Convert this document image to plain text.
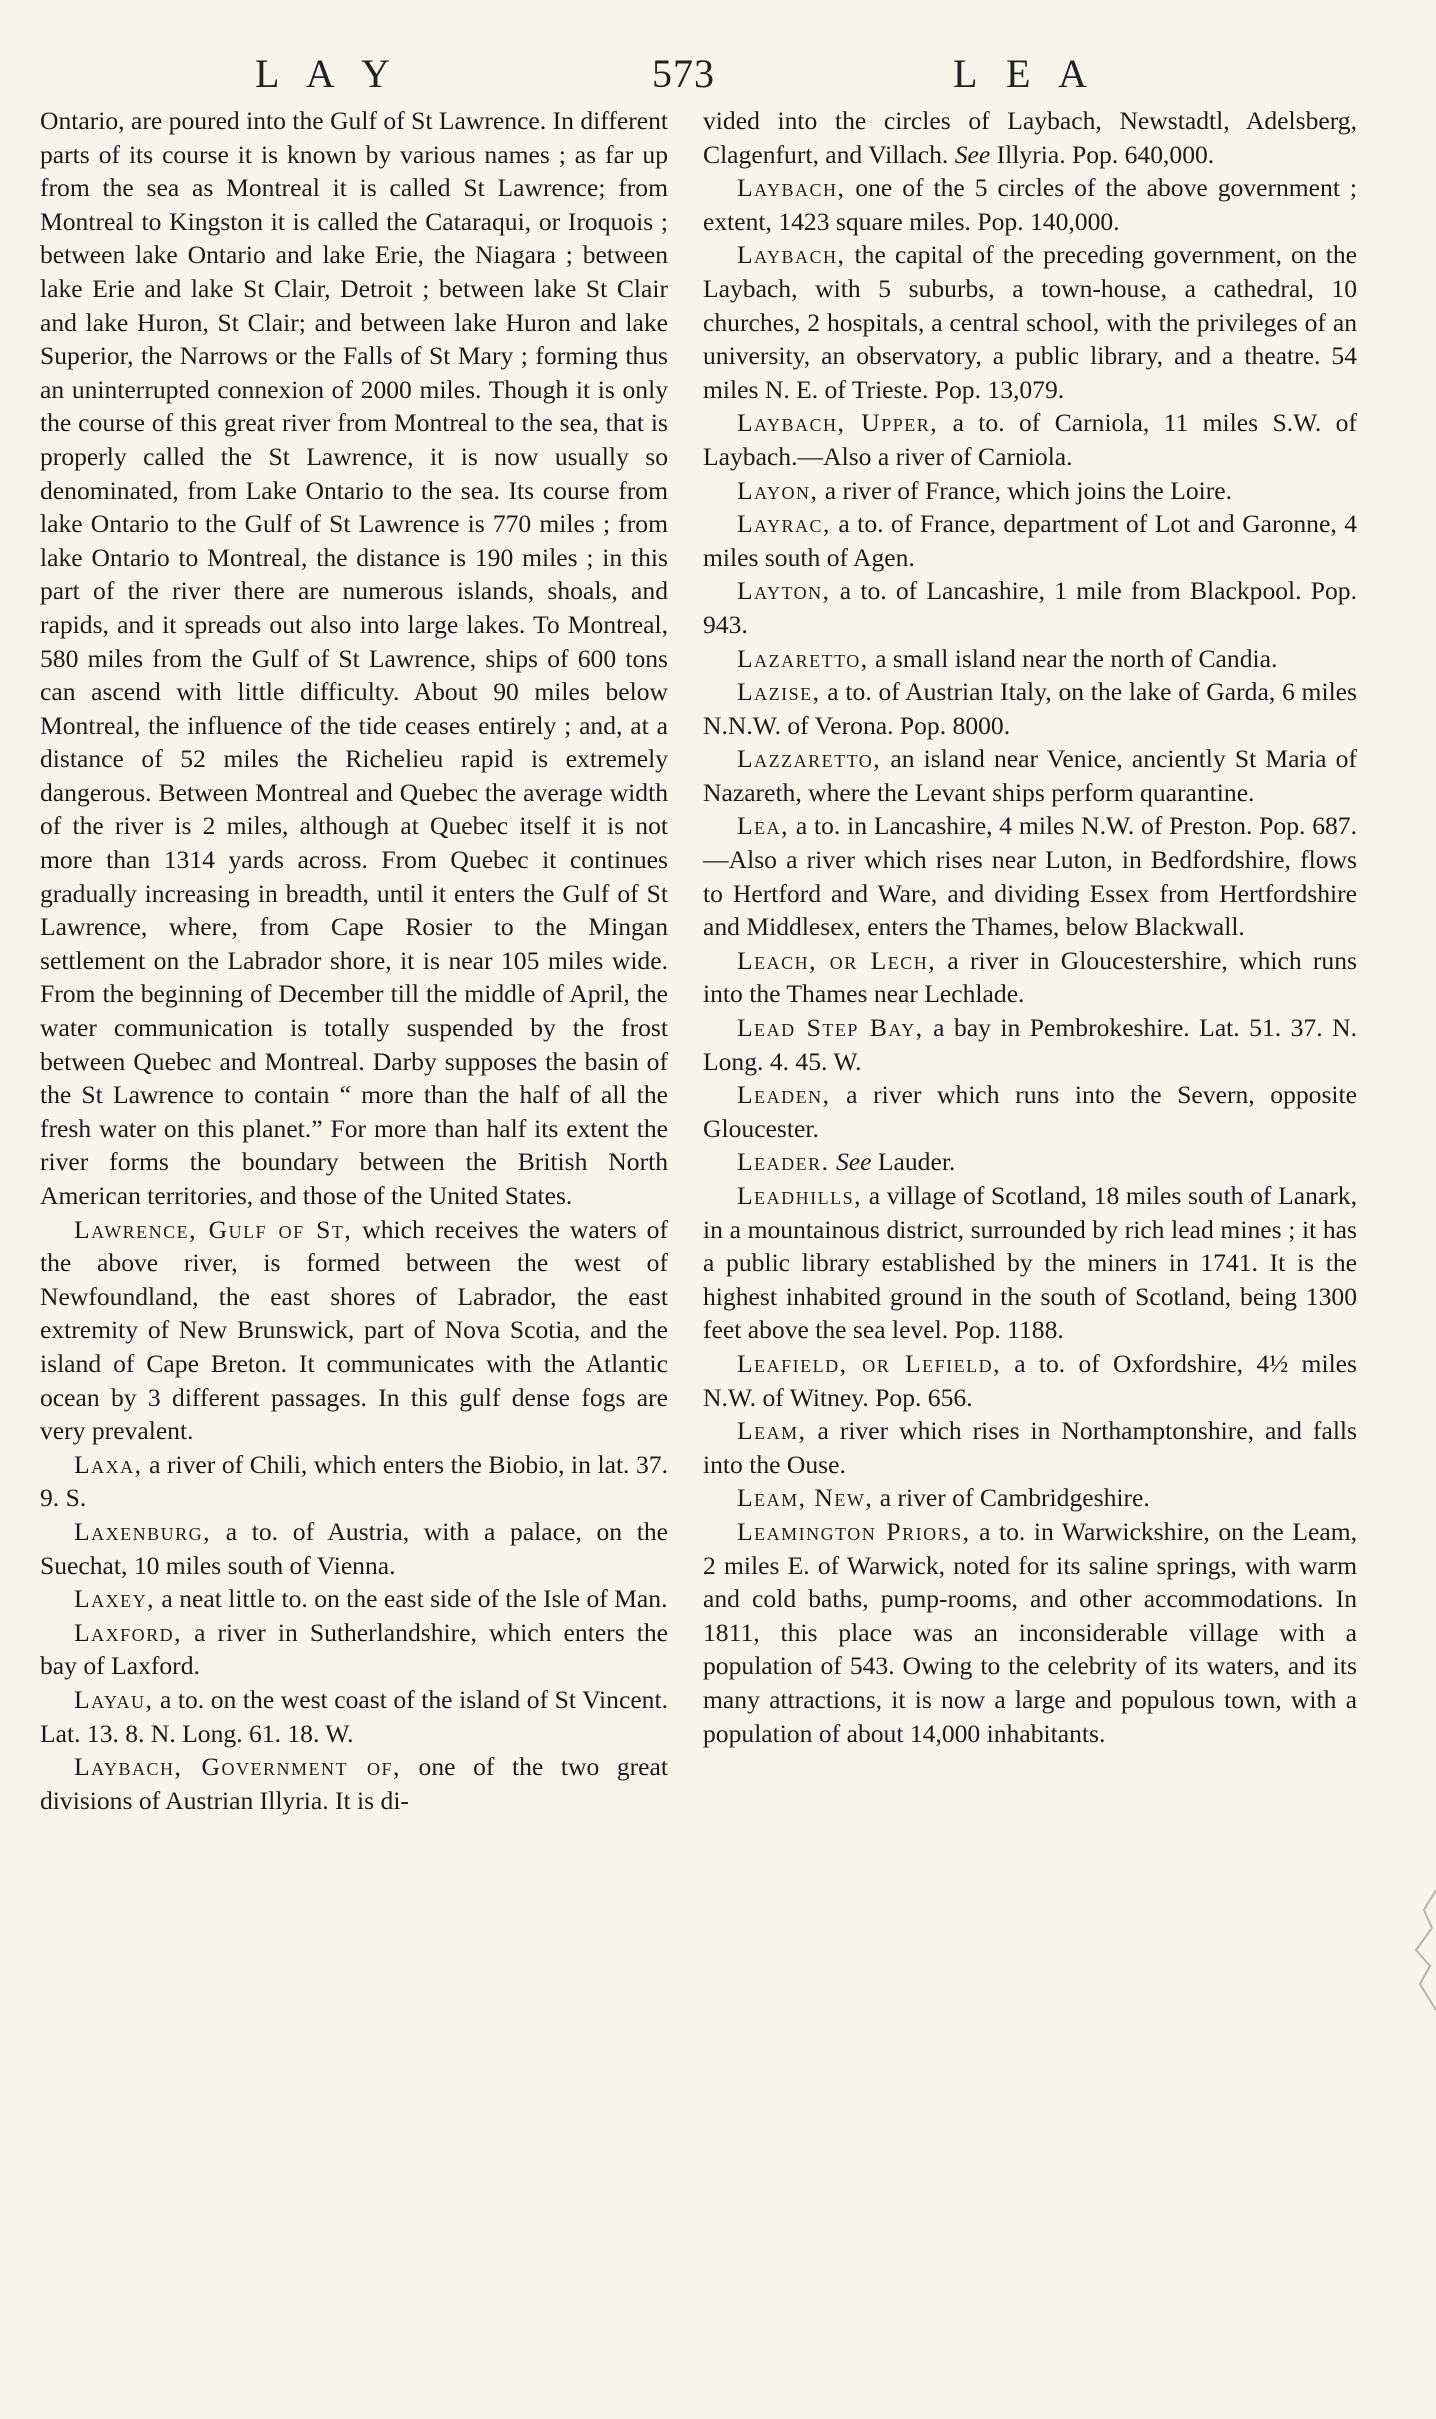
L A Y	573	L E A

Ontario, are poured into the Gulf of St Lawrence. In different parts of its course it is known by various names ; as far up from the sea as Montreal it is called St Lawrence; from Montreal to Kingston it is called the Cataraqui, or Iroquois ; between lake Ontario and lake Erie, the Niagara ; between lake Erie and lake St Clair, Detroit ; between lake St Clair and lake Huron, St Clair; and between lake Huron and lake Superior, the Narrows or the Falls of St Mary ; forming thus an uninterrupted connexion of 2000 miles. Though it is only the course of this great river from Montreal to the sea, that is properly called the St Lawrence, it is now usually so denominated, from Lake Ontario to the sea. Its course from lake Ontario to the Gulf of St Lawrence is 770 miles ; from lake Ontario to Montreal, the distance is 190 miles ; in this part of the river there are numerous islands, shoals, and rapids, and it spreads out also into large lakes. To Montreal, 580 miles from the Gulf of St Lawrence, ships of 600 tons can ascend with little difficulty. About 90 miles below Montreal, the influence of the tide ceases entirely ; and, at a distance of 52 miles the Richelieu rapid is extremely dangerous. Between Montreal and Quebec the average width of the river is 2 miles, although at Quebec itself it is not more than 1314 yards across. From Quebec it continues gradually increasing in breadth, until it enters the Gulf of St Lawrence, where, from Cape Rosier to the Mingan settlement on the Labrador shore, it is near 105 miles wide. From the beginning of December till the middle of April, the water communication is totally suspended by the frost between Quebec and Montreal. Darby supposes the basin of the St Lawrence to contain “ more than the half of all the fresh water on this planet.” For more than half its extent the river forms the boundary between the British North American territories, and those of the United States.

Lawrence, Gulf of St, which receives the waters of the above river, is formed between the west of Newfoundland, the east shores of Labrador, the east extremity of New Brunswick, part of Nova Scotia, and the island of Cape Breton. It communicates with the Atlantic ocean by 3 different passages. In this gulf dense fogs are very prevalent.

Laxa, a river of Chili, which enters the Biobio, in lat. 37. 9. S.

Laxenburg, a to. of Austria, with a palace, on the Suechat, 10 miles south of Vienna.

Laxey, a neat little to. on the east side of the Isle of Man.

Laxford, a river in Sutherlandshire, which enters the bay of Laxford.

Layau, a to. on the west coast of the island of St Vincent. Lat. 13. 8. N. Long. 61. 18. W.

Laybach, Government of, one of the two great divisions of Austrian Illyria. It is di-

vided into the circles of Laybach, Newstadtl, Adelsberg, Clagenfurt, and Villach. See Illyria. Pop. 640,000.

Laybach, one of the 5 circles of the above government ; extent, 1423 square miles. Pop. 140,000.

Laybach, the capital of the preceding government, on the Laybach, with 5 suburbs, a town-house, a cathedral, 10 churches, 2 hospitals, a central school, with the privileges of an university, an observatory, a public library, and a theatre. 54 miles N. E. of Trieste. Pop. 13,079.

Laybach, Upper, a to. of Carniola, 11 miles S.W. of Laybach.—Also a river of Carniola.

Layon, a river of France, which joins the Loire.

Layrac, a to. of France, department of Lot and Garonne, 4 miles south of Agen.

Layton, a to. of Lancashire, 1 mile from Blackpool. Pop. 943.

Lazaretto, a small island near the north of Candia.

Lazise, a to. of Austrian Italy, on the lake of Garda, 6 miles N.N.W. of Verona. Pop. 8000.

Lazzaretto, an island near Venice, anciently St Maria of Nazareth, where the Levant ships perform quarantine.

Lea, a to. in Lancashire, 4 miles N.W. of Preston. Pop. 687.—Also a river which rises near Luton, in Bedfordshire, flows to Hertford and Ware, and dividing Essex from Hertfordshire and Middlesex, enters the Thames, below Blackwall.

Leach, or Lech, a river in Gloucestershire, which runs into the Thames near Lechlade.

Lead Step Bay, a bay in Pembrokeshire. Lat. 51. 37. N. Long. 4. 45. W.

Leaden, a river which runs into the Severn, opposite Gloucester.

Leader. See Lauder.

Leadhills, a village of Scotland, 18 miles south of Lanark, in a mountainous district, surrounded by rich lead mines ; it has a public library established by the miners in 1741. It is the highest inhabited ground in the south of Scotland, being 1300 feet above the sea level. Pop. 1188.

Leafield, or Lefield, a to. of Oxfordshire, 4½ miles N.W. of Witney. Pop. 656.

Leam, a river which rises in Northamptonshire, and falls into the Ouse.

Leam, New, a river of Cambridgeshire.

Leamington Priors, a to. in Warwickshire, on the Leam, 2 miles E. of Warwick, noted for its saline springs, with warm and cold baths, pump-rooms, and other accommodations. In 1811, this place was an inconsiderable village with a population of 543. Owing to the celebrity of its waters, and its many attractions, it is now a large and populous town, with a population of about 14,000 inhabitants.
